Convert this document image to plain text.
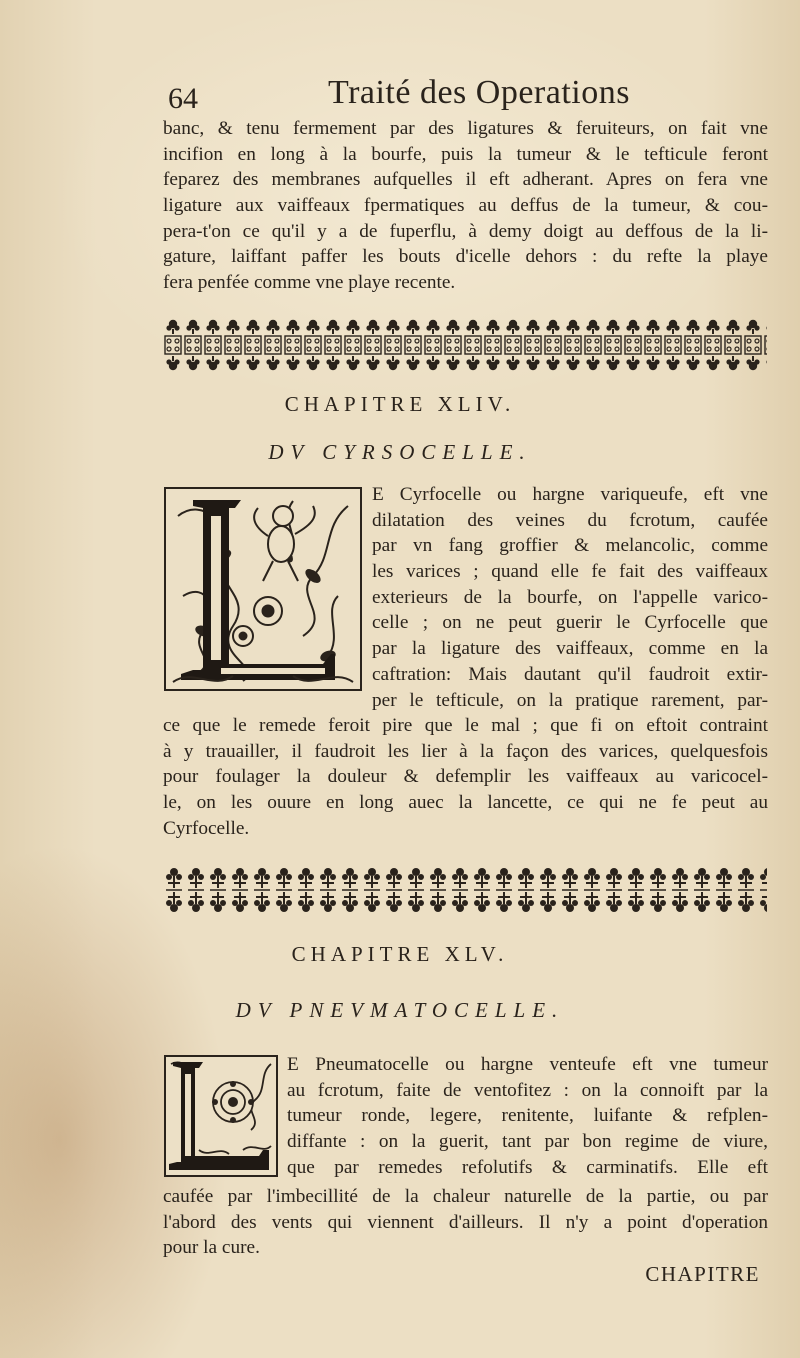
64	Traité des Operations
banc, & tenu fermement par des ligatures & feruiteurs, on fait vne
incifion en long à la bourfe, puis la tumeur & le tefticule feront
feparez des membranes aufquelles il eft adherant. Apres on fera vne
ligature aux vaiffeaux fpermatiques au deffus de la tumeur, & cou-
pera-t'on ce qu'il y a de fuperflu, à demy doigt au deffous de la li-
gature, laiffant paffer les bouts d'icelle dehors : du refte la playe
fera penfée comme vne playe recente.
CHAPITRE XLIV.
DV CYRSOCELLE.
E Cyrfocelle ou hargne variqueufe, eft vne
dilatation des veines du fcrotum, caufée
par vn fang groffier & melancolic, comme
les varices ; quand elle fe fait des vaiffeaux
exterieurs de la bourfe, on l'appelle varico-
celle ; on ne peut guerir le Cyrfocelle que
par la ligature des vaiffeaux, comme en la
caftration: Mais dautant qu'il faudroit extir-
per le tefticule, on la pratique rarement, par-
ce que le remede feroit pire que le mal ; que fi on eftoit contraint
à y trauailler, il faudroit les lier à la façon des varices, quelquesfois
pour foulager la douleur & defemplir les vaiffeaux au varicocel-
le, on les ouure en long auec la lancette, ce qui ne fe peut au
Cyrfocelle.
CHAPITRE XLV.
DV PNEVMATOCELLE.
E Pneumatocelle ou hargne venteufe eft vne tumeur
au fcrotum, faite de ventofitez : on la connoift par la
tumeur ronde, legere, renitente, luifante & refplen-
diffante : on la guerit, tant par bon regime de viure,
que par remedes refolutifs & carminatifs. Elle eft
caufée par l'imbecillité de la chaleur naturelle de la partie, ou par
l'abord des vents qui viennent d'ailleurs. Il n'y a point d'operation
pour la cure.
CHAPITRE
